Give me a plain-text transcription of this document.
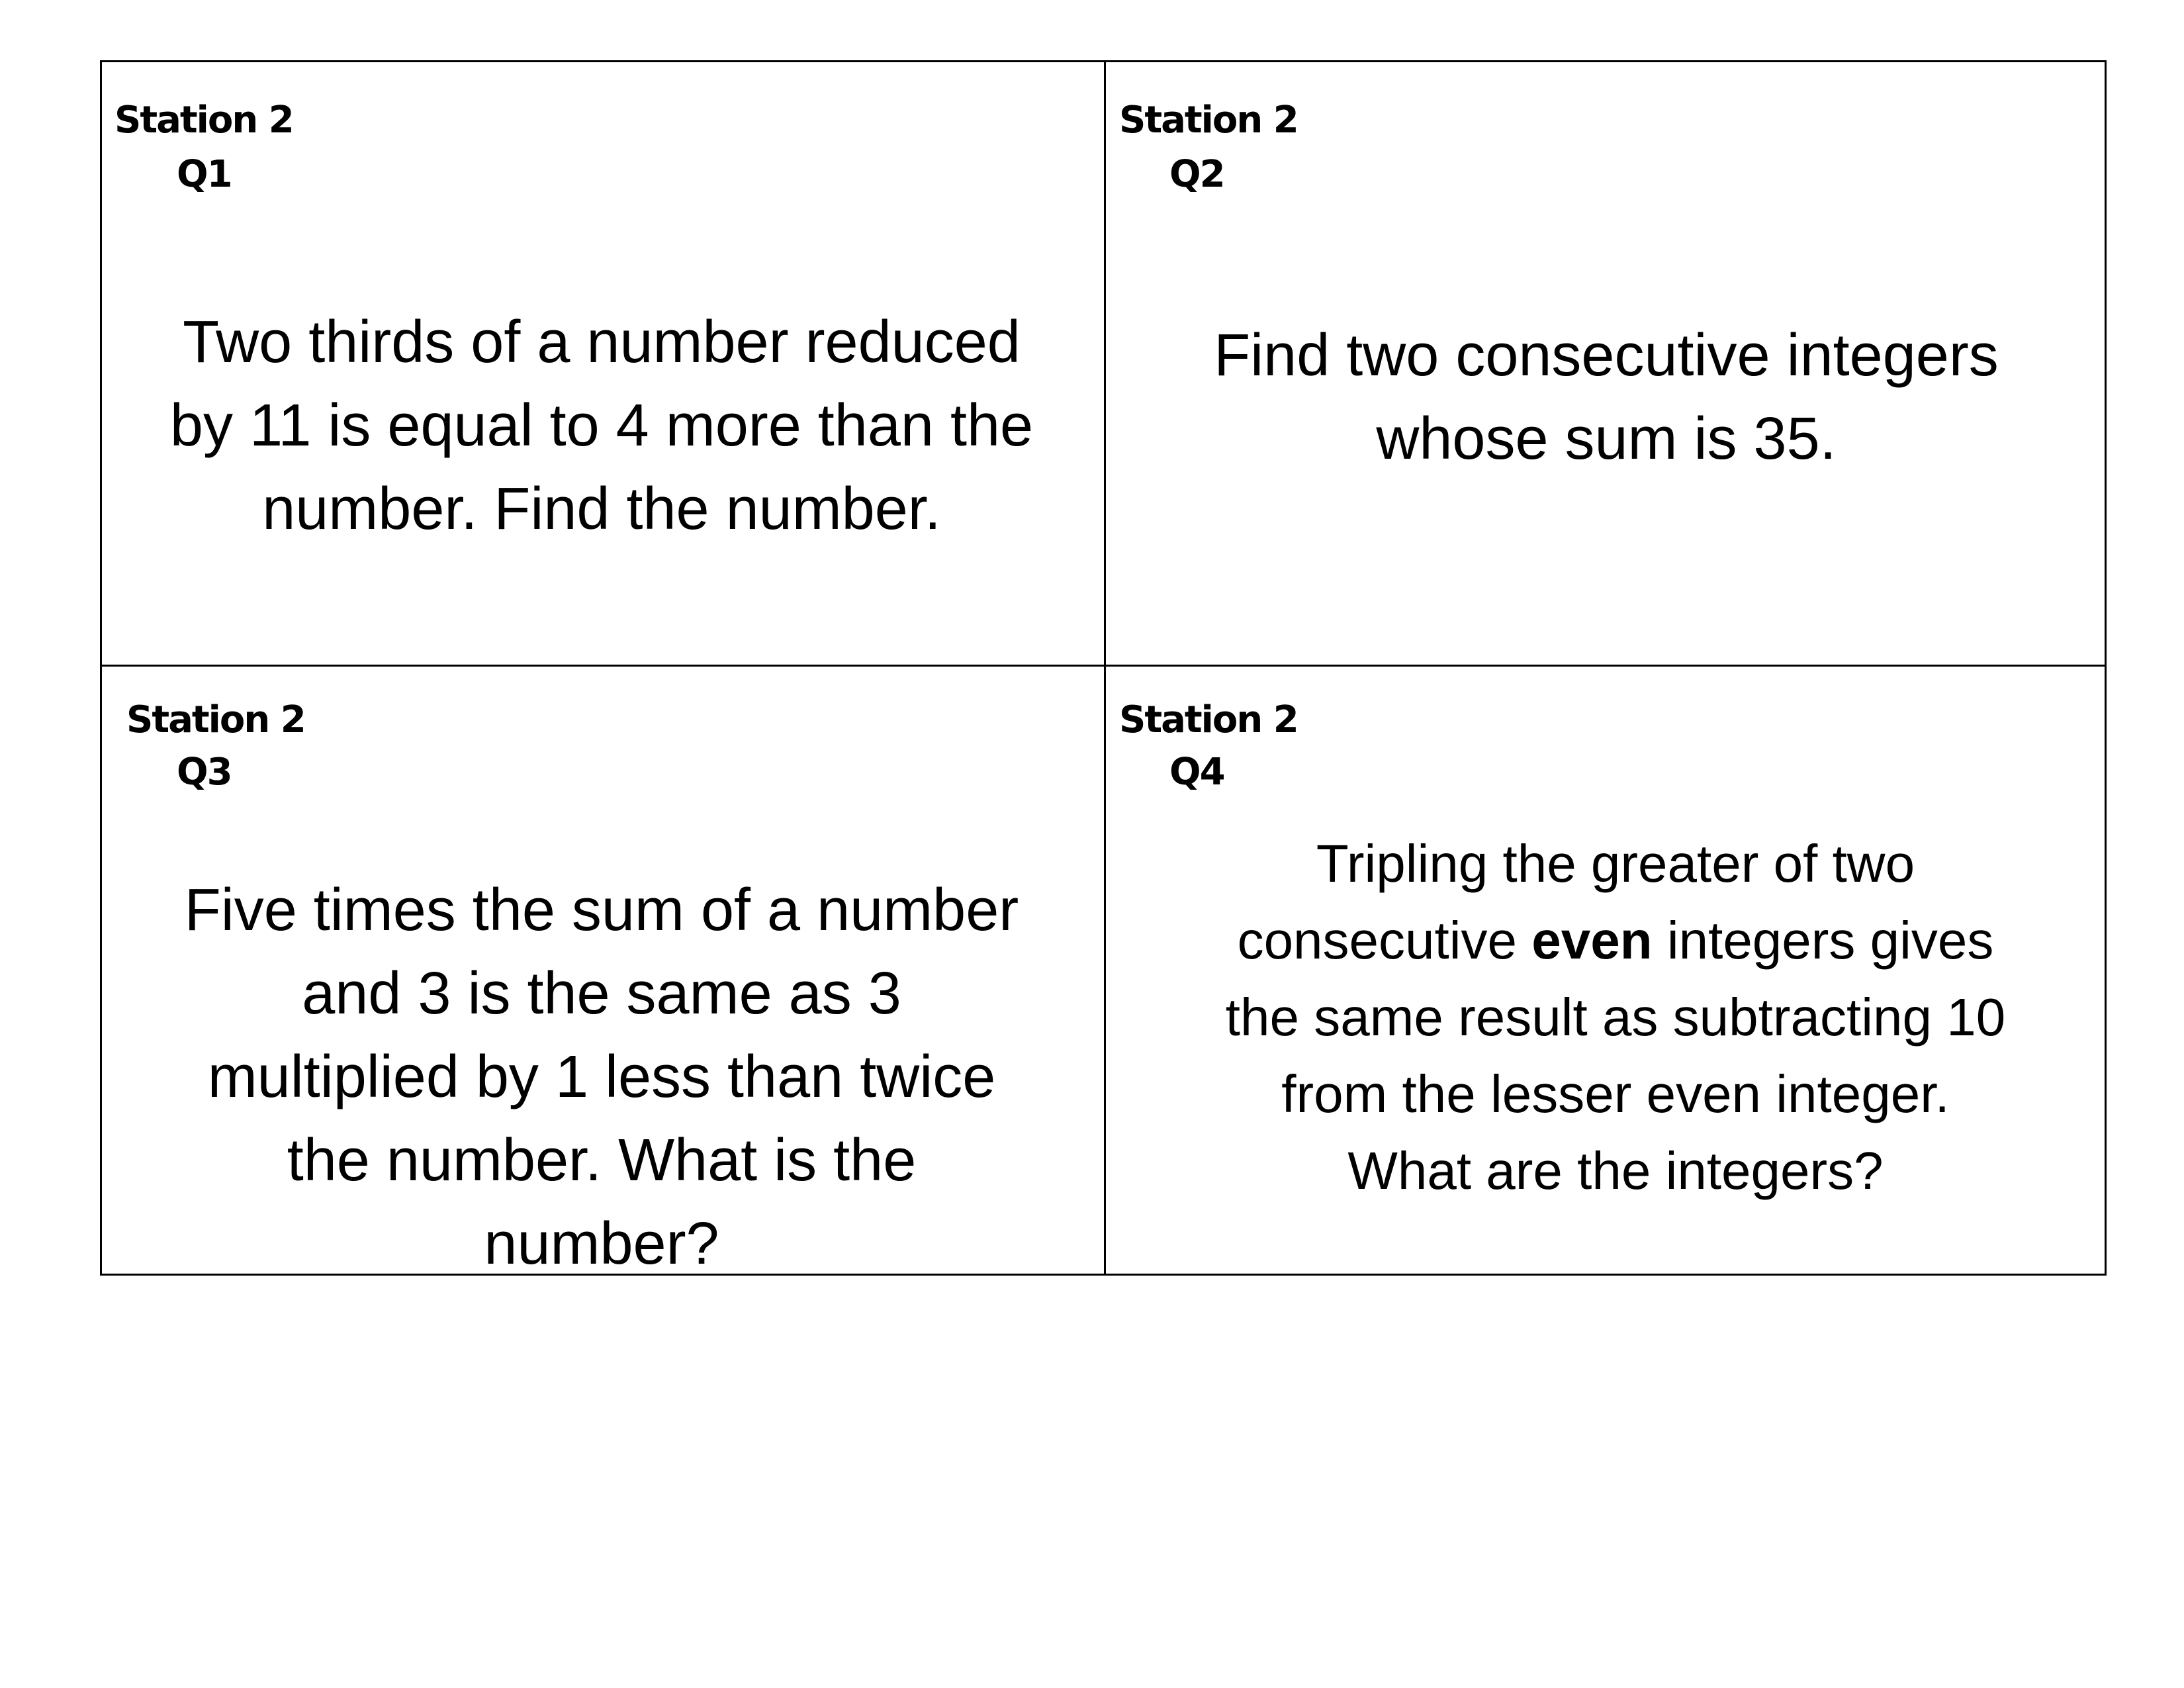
Station 2
Q1
Two thirds of a number reduced
by 11 is equal to 4 more than the
number. Find the number.
Station 2
Q2
Find two consecutive integers
whose sum is 35.
Station 2
Q3
Five times the sum of a number
and 3 is the same as 3
multiplied by 1 less than twice
the number. What is the
number?
Station 2
Q4
Tripling the greater of two
consecutive even integers gives
the same result as subtracting 10
from the lesser even integer.
What are the integers?
